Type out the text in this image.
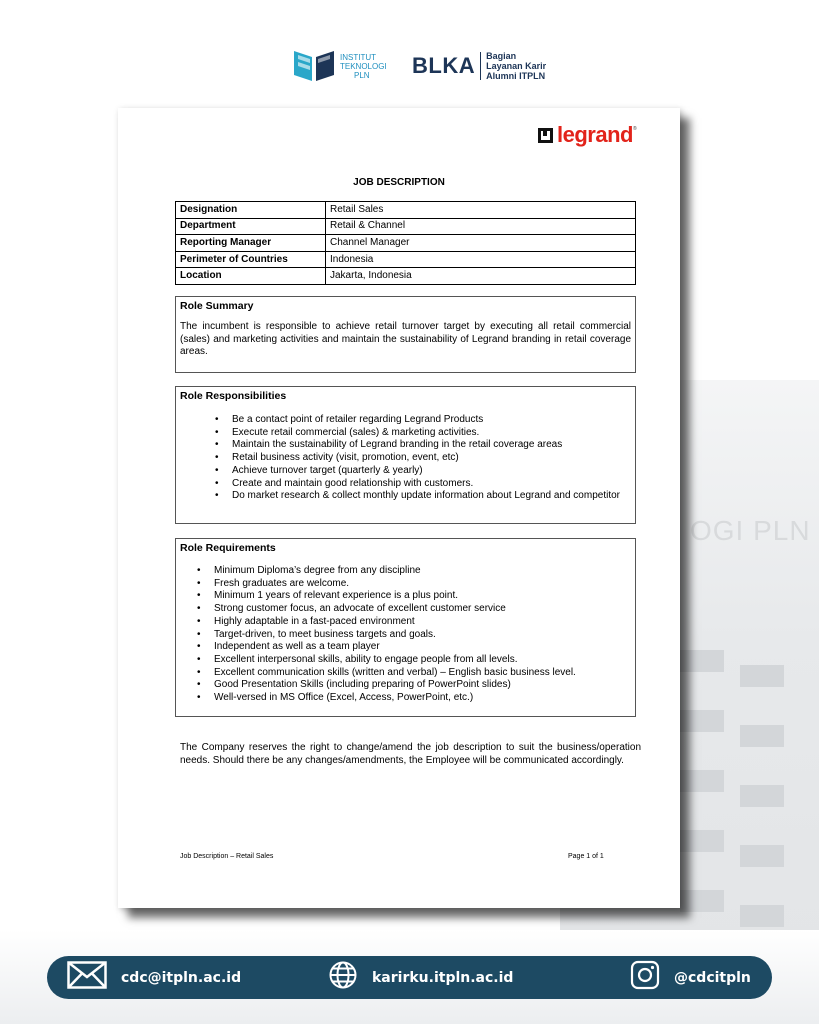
OGI PLN
INSTITUT
TEKNOLOGI
PLN	BLKA Bagian
Layanan Karir
Alumni ITPLN
legrand ®
JOB DESCRIPTION
Designation	Retail Sales
Department	Retail & Channel
Reporting Manager	Channel Manager
Perimeter of Countries	Indonesia
Location	Jakarta, Indonesia
Role Summary

The incumbent is responsible to achieve retail turnover target by executing all retail commercial (sales) and marketing activities and maintain the sustainability of Legrand branding in retail coverage areas.

Role Responsibilities
• Be a contact point of retailer regarding Legrand Products
• Execute retail commercial (sales) & marketing activities.
• Maintain the sustainability of Legrand branding in the retail coverage areas
• Retail business activity (visit, promotion, event, etc)
• Achieve turnover target (quarterly & yearly)
• Create and maintain good relationship with customers.
• Do market research & collect monthly update information about Legrand and competitor
Role Requirements
• Minimum Diploma’s degree from any discipline
• Fresh graduates are welcome.
• Minimum 1 years of relevant experience is a plus point.
• Strong customer focus, an advocate of excellent customer service
• Highly adaptable in a fast-paced environment
• Target-driven, to meet business targets and goals.
• Independent as well as a team player
• Excellent interpersonal skills, ability to engage people from all levels.
• Excellent communication skills (written and verbal) – English basic business level.
• Good Presentation Skills (including preparing of PowerPoint slides)
• Well-versed in MS Office (Excel, Access, PowerPoint, etc.)

The Company reserves the right to change/amend the job description to suit the business/operation needs. Should there be any changes/amendments, the Employee will be communicated accordingly.

Job Description – Retail Sales	Page 1 of 1
cdc@itpln.ac.id	karirku.itpln.ac.id	@cdcitpln
